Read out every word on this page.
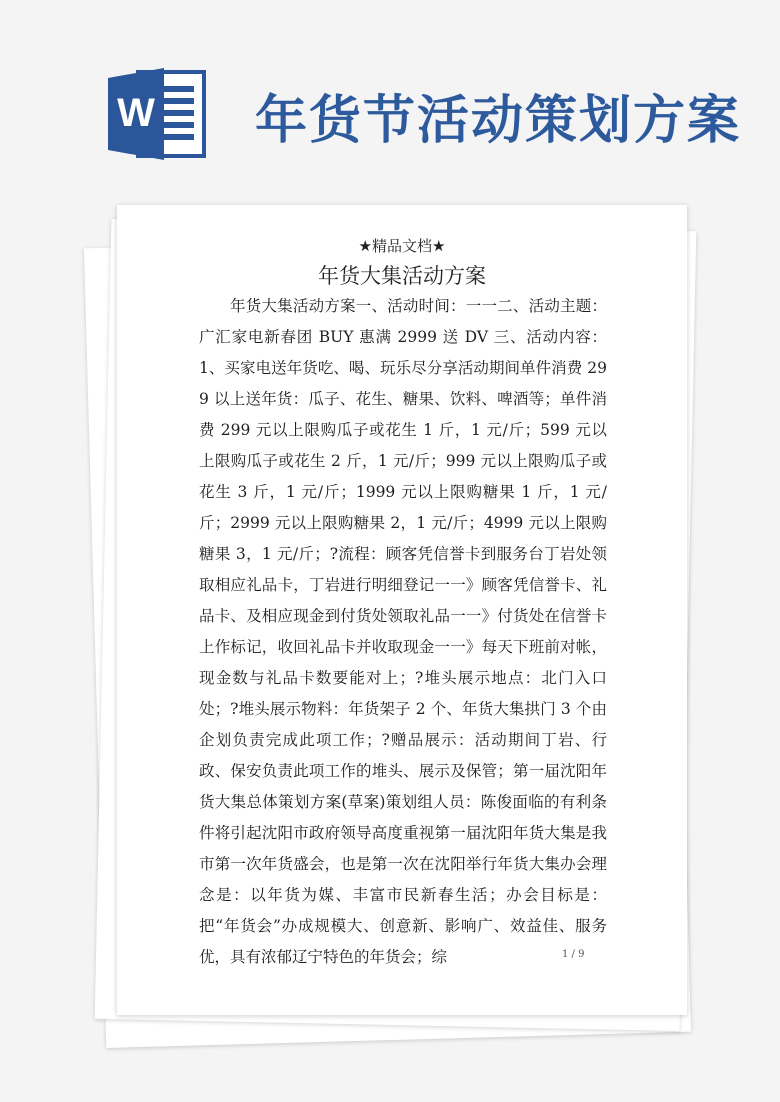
W 年货节活动策划方案
★精品文档★
年货大集活动方案

年货大集活动方案一、活动时间：一一二、活动主题：广汇家电新春团 BUY 惠满 2999 送 DV 三、活动内容：1、买家电送年货吃、喝、玩乐尽分享活动期间单件消费 299 以上送年货：瓜子、花生、糖果、饮料、啤酒等；单件消费 299 元以上限购瓜子或花生 1 斤，1 元/斤；599 元以上限购瓜子或花生 2 斤，1 元/斤；999 元以上限购瓜子或花生 3 斤，1 元/斤；1999 元以上限购糖果 1 斤，1 元/斤；2999 元以上限购糖果 2，1 元/斤；4999 元以上限购糖果 3，1 元/斤；?流程：顾客凭信誉卡到服务台丁岩处领取相应礼品卡，丁岩进行明细登记一一》顾客凭信誉卡、礼品卡、及相应现金到付货处领取礼品一一》付货处在信誉卡上作标记，收回礼品卡并收取现金一一》每天下班前对帐，现金数与礼品卡数要能对上；?堆头展示地点：北门入口处；?堆头展示物料：年货架子 2 个、年货大集拱门 3 个由企划负责完成此项工作；?赠品展示：活动期间丁岩、行政、保安负责此项工作的堆头、展示及保管；第一届沈阳年货大集总体策划方案(草案)策划组人员：陈俊面临的有利条件将引起沈阳市政府领导高度重视第一届沈阳年货大集是我市第一次年货盛会，也是第一次在沈阳举行年货大集办会理念是：以年货为媒、丰富市民新春生活；办会目标是：把“年货会”办成规模大、创意新、影响广、效益佳、服务优，具有浓郁辽宁特色的年货会；综	1 / 9
